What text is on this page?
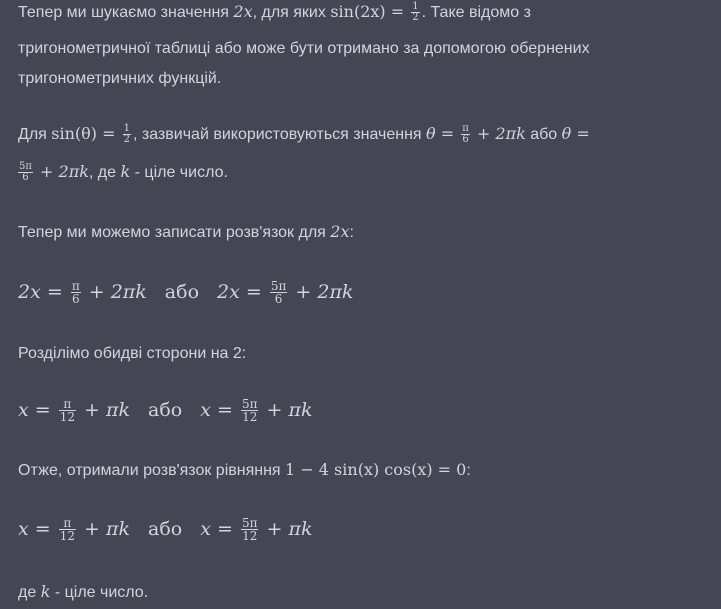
Тепер ми шукаємо значення 2x, для яких $\sin(2x) = \frac{1}{2}$ . Таке відомо з
тригонометричної таблиці або може бути отримано за допомогою обернених
тригонометричних функцій.
Для $\sin(\theta) = \frac{1}{2}$ , зазвичай використовуються значення $\theta = \frac{\pi}{6} + 2\pi k$ або θ =
$\frac{5\pi}{6} + 2\pi k$, де k - ціле число.
Тепер ми можемо записати розв'язок для 2x:
$2x = \frac{\pi}{6} + 2\pi k$ або $2x = \frac{5\pi}{6} + 2\pi k$
Розділімо обидві сторони на 2:
$x = \frac{\pi}{12} + \pi k$ або $x = \frac{5\pi}{12} + \pi k$
Отже, отримали розв'язок рівняння 1 − 4 sin(x) cos(x) = 0:
$x = \frac{\pi}{12} + \pi k$ або $x = \frac{5\pi}{12} + \pi k$
де k - ціле число.
